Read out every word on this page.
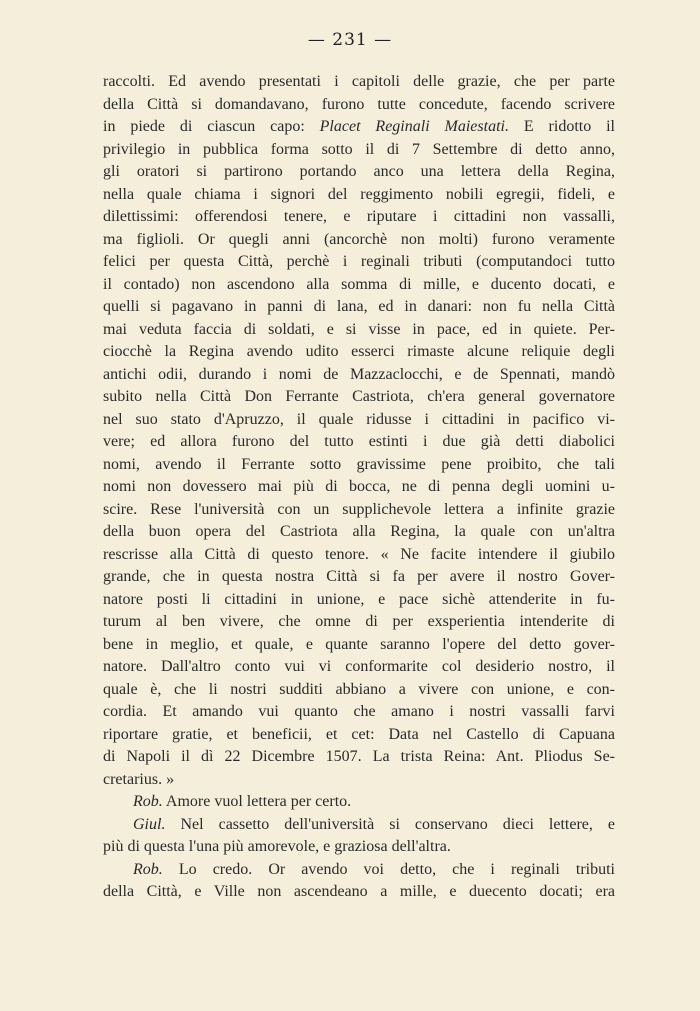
— 231 —
raccolti. Ed avendo presentati i capitoli delle grazie, che per parte
della Città si domandavano, furono tutte concedute, facendo scrivere
in piede di ciascun capo: Placet Reginali Maiestati. E ridotto il
privilegio in pubblica forma sotto il di 7 Settembre di detto anno,
gli oratori si partirono portando anco una lettera della Regina,
nella quale chiama i signori del reggimento nobili egregii, fideli, e
dilettissimi: offerendosi tenere, e riputare i cittadini non vassalli,
ma figlioli. Or quegli anni (ancorchè non molti) furono veramente
felici per questa Città, perchè i reginali tributi (computandoci tutto
il contado) non ascendono alla somma di mille, e ducento docati, e
quelli si pagavano in panni di lana, ed in danari: non fu nella Città
mai veduta faccia di soldati, e si visse in pace, ed in quiete. Per-
ciocchè la Regina avendo udito esserci rimaste alcune reliquie degli
antichi odii, durando i nomi de Mazzaclocchi, e de Spennati, mandò
subito nella Città Don Ferrante Castriota, ch'era general governatore
nel suo stato d'Apruzzo, il quale ridusse i cittadini in pacifico vi-
vere; ed allora furono del tutto estinti i due già detti diabolici
nomi, avendo il Ferrante sotto gravissime pene proibito, che tali
nomi non dovessero mai più di bocca, ne di penna degli uomini u-
scire. Rese l'università con un supplichevole lettera a infinite grazie
della buon opera del Castriota alla Regina, la quale con un'altra
rescrisse alla Città di questo tenore. « Ne facite intendere il giubilo
grande, che in questa nostra Città si fa per avere il nostro Gover-
natore posti li cittadini in unione, e pace sichè attenderite in fu-
turum al ben vivere, che omne di per exsperientia intenderite di
bene in meglio, et quale, e quante saranno l'opere del detto gover-
natore. Dall'altro conto vui vi conformarite col desiderio nostro, il
quale è, che li nostri sudditi abbiano a vivere con unione, e con-
cordia. Et amando vui quanto che amano i nostri vassalli farvi
riportare gratie, et beneficii, et cet: Data nel Castello di Capuana
di Napoli il dì 22 Dicembre 1507. La trista Reina: Ant. Pliodus Se-
cretarius. »
Rob. Amore vuol lettera per certo.
Giul. Nel cassetto dell'università si conservano dieci lettere, e
più di questa l'una più amorevole, e graziosa dell'altra.
Rob. Lo credo. Or avendo voi detto, che i reginali tributi
della Città, e Ville non ascendeano a mille, e duecento docati; era
